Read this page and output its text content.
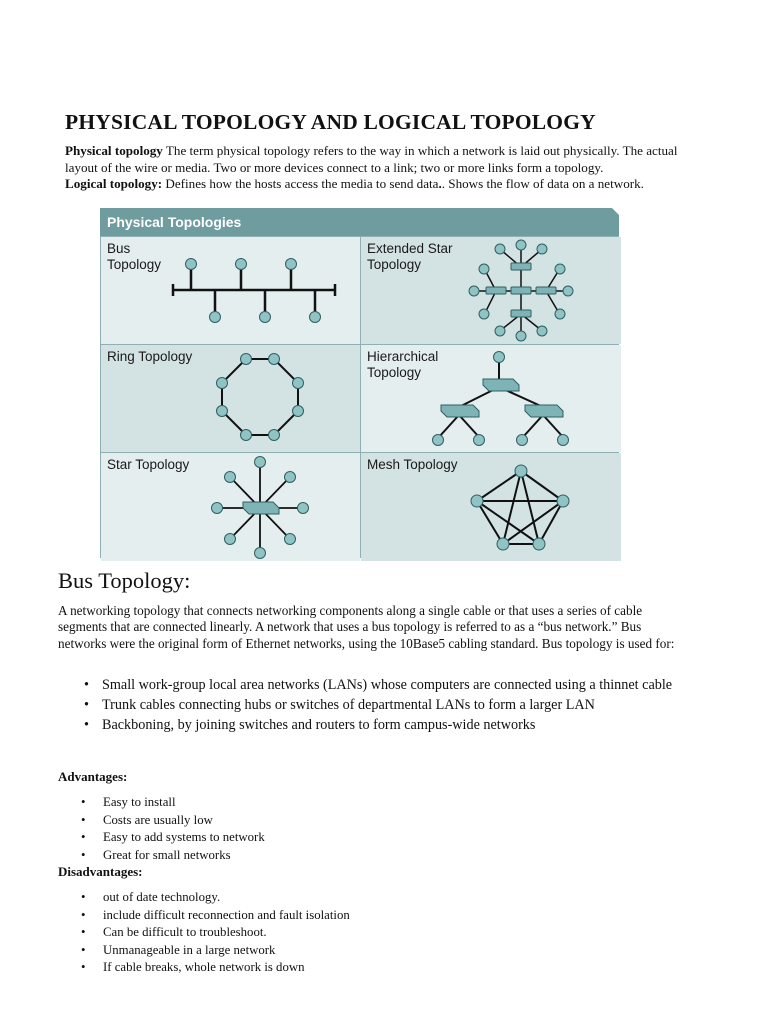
PHYSICAL TOPOLOGY AND LOGICAL TOPOLOGY

Physical topology The term physical topology refers to the way in which a network is laid out physically. The actual layout of the wire or media. Two or more devices connect to a link; two or more links form a topology.
Logical topology: Defines how the hosts access the media to send data.. Shows the flow of data on a network.

Physical Topologies
Bus
Topology
Extended Star
Topology
Ring Topology	Hierarchical
Topology
Star Topology	Mesh Topology
Bus Topology:

A networking topology that connects networking components along a single cable or that uses a series of cable segments that are connected linearly. A network that uses a bus topology is referred to as a “bus network.” Bus networks were the original form of Ethernet networks, using the 10Base5 cabling standard. Bus topology is used for:

• Small work-group local area networks (LANs) whose computers are connected using a thinnet cable
• Trunk cables connecting hubs or switches of departmental LANs to form a larger LAN
• Backboning, by joining switches and routers to form campus-wide networks

Advantages:

• Easy to install
• Costs are usually low
• Easy to add systems to network
• Great for small networks

Disadvantages:

• out of date technology.
• include difficult reconnection and fault isolation
• Can be difficult to troubleshoot.
• Unmanageable in a large network
• If cable breaks, whole network is down
